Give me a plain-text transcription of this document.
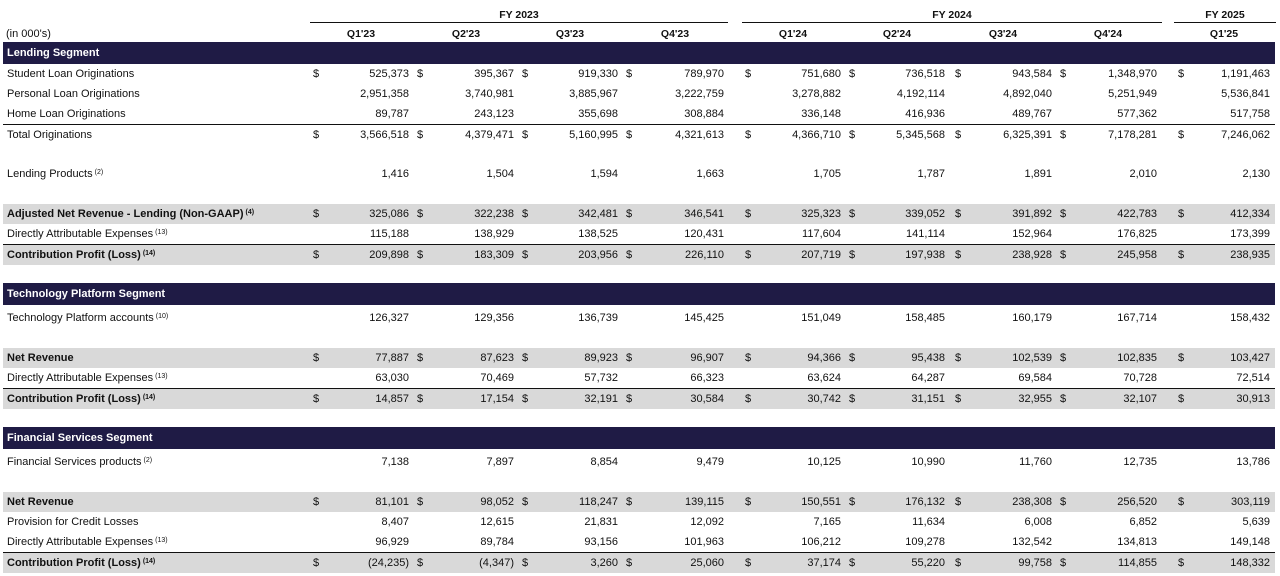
(in 000's)
FY 2023	FY 2024	FY 2025
Q1'23	Q2'23	Q3'23	Q4'23	Q1'24	Q2'24	Q3'24	Q4'24	Q1'25
Lending Segment
Student Loan Originations	$	525,373 $	395,367 $	919,330 $	789,970 $	751,680 $	736,518 $	943,584 $	1,348,970 $	1,191,463
Personal Loan Originations	2,951,358	3,740,981	3,885,967	3,222,759	3,278,882	4,192,114	4,892,040	5,251,949	5,536,841
Home Loan Originations	89,787	243,123	355,698	308,884	336,148	416,936	489,767	577,362	517,758
Total Originations	$	3,566,518 $	4,379,471 $	5,160,995 $	4,321,613 $	4,366,710 $	5,345,568 $	6,325,391 $	7,178,281 $	7,246,062
Lending Products $^{(2)}$	1,416	1,504	1,594	1,663	1,705	1,787	1,891	2,010	2,130
Adjusted Net Revenue - Lending (Non-GAAP) $^{(4)}$	$	325,086 $	322,238 $	342,481 $	346,541 $	325,323 $	339,052 $	391,892 $	422,783 $	412,334
Directly Attributable Expenses $^{(13)}$	115,188	138,929	138,525	120,431	117,604	141,114	152,964	176,825	173,399
Contribution Profit (Loss) $^{(14)}$	$	209,898 $	183,309 $	203,956 $	226,110 $	207,719 $	197,938 $	238,928 $	245,958 $	238,935
Technology Platform Segment
Technology Platform accounts $^{(10)}$	126,327	129,356	136,739	145,425	151,049	158,485	160,179	167,714	158,432
Net Revenue	$	77,887 $	87,623 $	89,923 $	96,907 $	94,366 $	95,438 $	102,539 $	102,835 $	103,427
Directly Attributable Expenses $^{(13)}$	63,030	70,469	57,732	66,323	63,624	64,287	69,584	70,728	72,514
Contribution Profit (Loss) $^{(14)}$	$	14,857 $	17,154 $	32,191 $	30,584 $	30,742 $	31,151 $	32,955 $	32,107 $	30,913
Financial Services Segment
Financial Services products $^{(2)}$	7,138	7,897	8,854	9,479	10,125	10,990	11,760	12,735	13,786
Net Revenue	$	81,101 $	98,052 $	118,247 $	139,115 $	150,551 $	176,132 $	238,308 $	256,520 $	303,119
Provision for Credit Losses	8,407	12,615	21,831	12,092	7,165	11,634	6,008	6,852	5,639
Directly Attributable Expenses $^{(13)}$	96,929	89,784	93,156	101,963	106,212	109,278	132,542	134,813	149,148
Contribution Profit (Loss) $^{(14)}$	$	(24,235) $	(4,347) $	3,260 $	25,060 $	37,174 $	55,220 $	99,758 $	114,855 $	148,332
